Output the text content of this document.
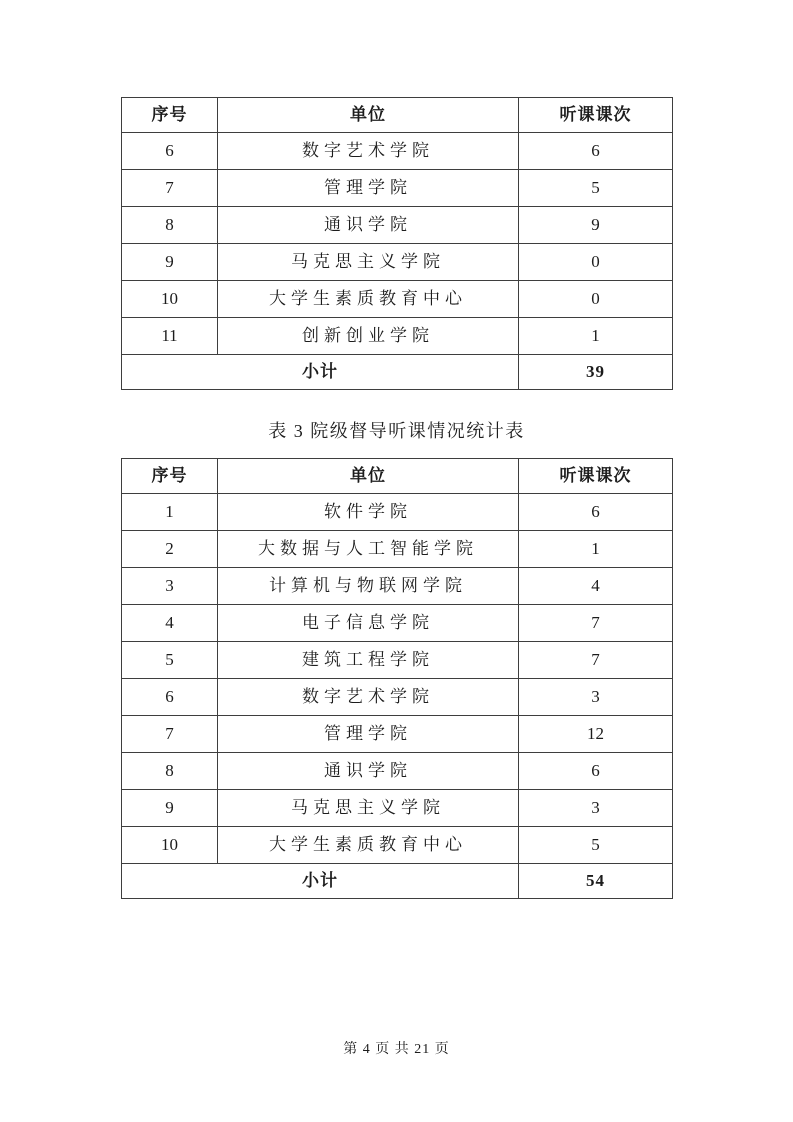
序号	单位	听课课次
6	数字艺术学院	6
7	管理学院	5
8	通识学院	9
9	马克思主义学院	0
10	大学生素质教育中心	0
11	创新创业学院	1
小计		39
表 3 院级督导听课情况统计表
序号	单位	听课课次
1	软件学院	6
2	大数据与人工智能学院	1
3	计算机与物联网学院	4
4	电子信息学院	7
5	建筑工程学院	7
6	数字艺术学院	3
7	管理学院	12
8	通识学院	6
9	马克思主义学院	3
10	大学生素质教育中心	5
小计		54
第 4 页 共 21 页
